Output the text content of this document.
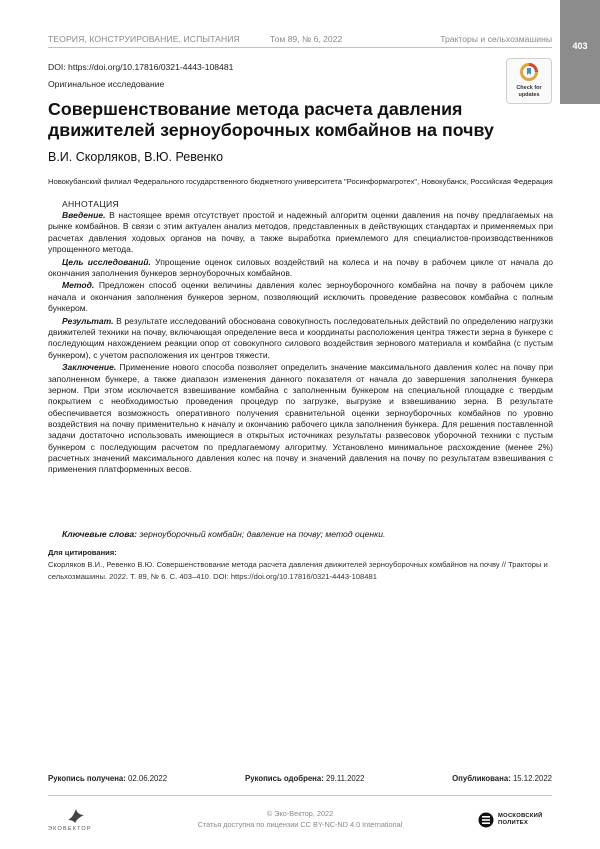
ТЕОРИЯ, КОНСТРУИРОВАНИЕ, ИСПЫТАНИЯ	Том 89, № 6, 2022	Тракторы и сельхозмашины
403
DOI: https://doi.org/10.17816/0321-4443-108481
Оригинальное исследование	Check for
updates
Совершенствование метода расчета давления движителей зерноуборочных комбайнов на почву
В.И. Скорляков, В.Ю. Ревенко
Новокубанский филиал Федерального государственного бюджетного университета "Росинформагротех", Новокубанск, Российская Федерация
АННОТАЦИЯ

Введение. В настоящее время отсутствует простой и надежный алгоритм оценки давления на почву предлагаемых на рынке комбайнов. В связи с этим актуален анализ методов, представленных в действующих стандартах и применяемых при расчетах давления ходовых органов на почву, а также выработка приемлемого для специалистов-производственников упрощенного метода.

Цель исследований. Упрощение оценок силовых воздействий на колеса и на почву в рабочем цикле от начала до окончания заполнения бункеров зерноуборочных комбайнов.

Метод. Предложен способ оценки величины давления колес зерноуборочного комбайна на почву в рабочем цикле начала и окончания заполнения бункеров зерном, позволяющий исключить проведение развесовок комбайна с полным бункером.

Результат. В результате исследований обоснована совокупность последовательных действий по определению нагрузки движителей техники на почву, включающая определение веса и координаты расположения центра тяжести зерна в бункере с последующим нахождением реакции опор от совокупного силового воздействия зернового материала и комбайна (с пустым бункером), с учетом расположения их центров тяжести.

Заключение. Применение нового способа позволяет определить значение максимального давления колес на почву при заполненном бункере, а также диапазон изменения данного показателя от начала до завершения заполнения бункера зерном. При этом исключается взвешивание комбайна с заполненным бункером на специальной площадке с твердым покрытием с необходимостью проведения процедур по загрузке, выгрузке и взвешиванию зерна. В результате обеспечивается возможность оперативного получения сравнительной оценки зерноуборочных комбайнов по уровню воздействия на почву применительно к началу и окончанию рабочего цикла заполнения бункера. Для решения поставленной задачи достаточно использовать имеющиеся в открытых источниках результаты развесовок уборочной техники с пустым бункером с последующим расчетом по предлагаемому алгоритму. Установлено минимальное расхождение (менее 2%) расчетных значений максимального давления колес на почву и значений давления на почву по результатам взвешивания с применения платформенных весов.

Ключевые слова: зерноуборочный комбайн; давление на почву; метод оценки.
Для цитирования:
Скорляков В.И., Ревенко В.Ю. Совершенствование метода расчета давления движителей зерноуборочных комбайнов на почву // Тракторы и сельхозмашины. 2022. Т. 89, № 6. С. 403–410. DOI: https://doi.org/10.17816/0321-4443-108481
Рукопись получена: 02.06.2022	Рукопись одобрена: 29.11.2022	Опубликована: 15.12.2022
ЭКОВЕКТОР
© Эко-Вектор, 2022
Статья доступна по лицензии CC BY-NC-ND 4.0 International
МОСКОВСКИЙ
ПОЛИТЕХ
